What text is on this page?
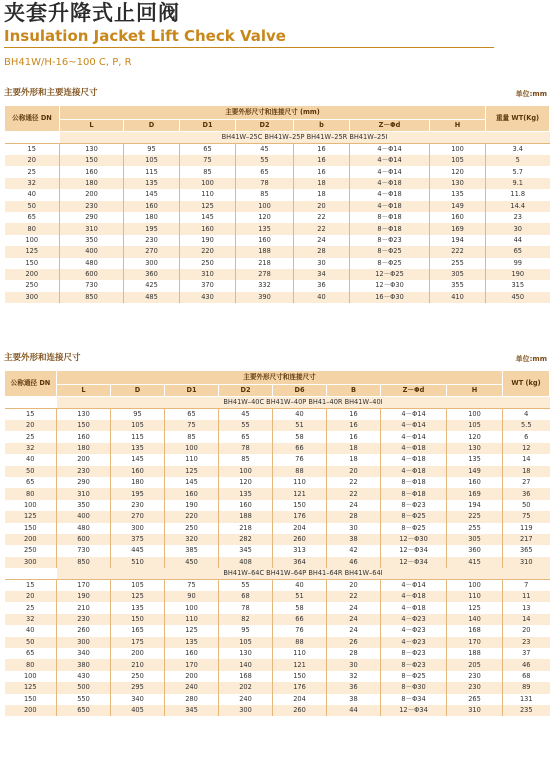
夹套升降式止回阀
Insulation Jacket Lift Check Valve
BH41W/H-16~100 C, P, R
主要外形和主要连接尺寸	单位:mm
公称通径 DN	主要外形尺寸和连接尺寸 (mm)							重量 WT(Kg)
	L	D	D1	D2	b	Z－Φd	H	
	BH41W–25C BH41W–25P BH41W–25R BH41W–25I							
15	130	95	65	45	16	4－Φ14	100	3.4
20	150	105	75	55	16	4－Φ14	105	5
25	160	115	85	65	16	4－Φ14	120	5.7
32	180	135	100	78	18	4－Φ18	130	9.1
40	200	145	110	85	18	4－Φ18	135	11.8
50	230	160	125	100	20	4－Φ18	149	14.4
65	290	180	145	120	22	8－Φ18	160	23
80	310	195	160	135	22	8－Φ18	169	30
100	350	230	190	160	24	8－Φ23	194	44
125	400	270	220	188	28	8－Φ25	222	65
150	480	300	250	218	30	8－Φ25	255	99
200	600	360	310	278	34	12－Φ25	305	190
250	730	425	370	332	36	12－Φ30	355	315
300	850	485	430	390	40	16－Φ30	410	450
主要外形和连接尺寸	单位:mm
公称通径 DN	主要外形尺寸和连接尺寸								WT (kg)
	L	D	D1	D2	D6	B	Z－Φd	H	
	BH41W–40C BH41W–40P BH41–40R BH41W–40I								
15	130	95	65	45	40	16	4－Φ14	100	4
20	150	105	75	55	51	16	4－Φ14	105	5.5
25	160	115	85	65	58	16	4－Φ14	120	6
32	180	135	100	78	66	18	4－Φ18	130	12
40	200	145	110	85	76	18	4－Φ18	135	14
50	230	160	125	100	88	20	4－Φ18	149	18
65	290	180	145	120	110	22	8－Φ18	160	27
80	310	195	160	135	121	22	8－Φ18	169	36
100	350	230	190	160	150	24	8－Φ23	194	50
125	400	270	220	188	176	28	8－Φ25	225	75
150	480	300	250	218	204	30	8－Φ25	255	119
200	600	375	320	282	260	38	12－Φ30	305	217
250	730	445	385	345	313	42	12－Φ34	360	365
300	850	510	450	408	364	46	12－Φ34	415	310
	BH41W–64C BH41W–64P BH41–64R BH41W–64I								
15	170	105	75	55	40	20	4－Φ14	100	7
20	190	125	90	68	51	22	4－Φ18	110	11
25	210	135	100	78	58	24	4－Φ18	125	13
32	230	150	110	82	66	24	4－Φ23	140	14
40	260	165	125	95	76	24	4－Φ23	168	20
50	300	175	135	105	88	26	4－Φ23	170	23
65	340	200	160	130	110	28	8－Φ23	188	37
80	380	210	170	140	121	30	8－Φ23	205	46
100	430	250	200	168	150	32	8－Φ25	230	68
125	500	295	240	202	176	36	8－Φ30	230	89
150	550	340	280	240	204	38	8－Φ34	265	131
200	650	405	345	300	260	44	12－Φ34	310	235
